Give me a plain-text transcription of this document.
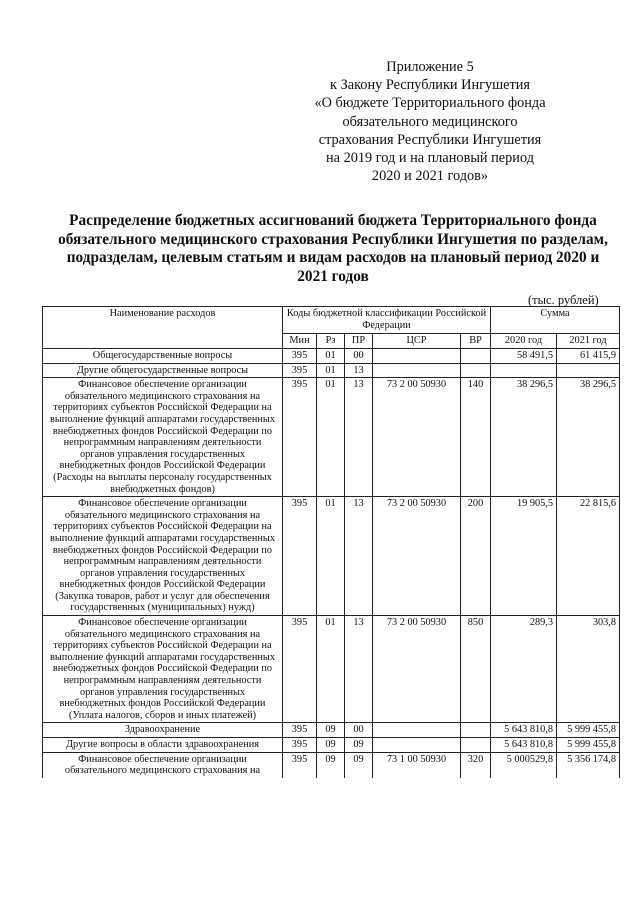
Приложение 5
к Закону Республики Ингушетия
«О бюджете Территориального фонда
обязательного медицинского
страхования Республики Ингушетия
на 2019 год и на плановый период
2020 и 2021 годов»
Распределение бюджетных ассигнований бюджета Территориального фонда обязательного медицинского страхования Республики Ингушетия по разделам, подразделам, целевым статьям и видам расходов на плановый период 2020 и 2021 годов
(тыс. рублей)
Наименование расходов	Коды бюджетной классификации Российской Федерации					Сумма	
	Мин	Рз	ПР	ЦСР	ВР	2020 год	2021 год
Общегосударственные вопросы	395	01	00			58 491,5	61 415,9
Другие общегосударственные вопросы	395	01	13				
Финансовое обеспечение организации обязательного медицинского страхования на территориях субъектов Российской Федерации на выполнение функций аппаратами государственных внебюджетных фондов Российской Федерации по непрограммным направлениям деятельности органов управления государственных внебюджетных фондов Российской Федерации (Расходы на выплаты персоналу государственных внебюджетных фондов)	395	01	13	73 2 00 50930	140	38 296,5	38 296,5
Финансовое обеспечение организации обязательного медицинского страхования на территориях субъектов Российской Федерации на выполнение функций аппаратами государственных внебюджетных фондов Российской Федерации по непрограммным направлениям деятельности органов управления государственных внебюджетных фондов Российской Федерации (Закупка товаров, работ и услуг для обеспечения государственных (муниципальных) нужд)	395	01	13	73 2 00 50930	200	19 905,5	22 815,6
Финансовое обеспечение организации обязательного медицинского страхования на территориях субъектов Российской Федерации на выполнение функций аппаратами государственных внебюджетных фондов Российской Федерации по непрограммным направлениям деятельности органов управления государственных внебюджетных фондов Российской Федерации (Уплата налогов, сборов и иных платежей)	395	01	13	73 2 00 50930	850	289,3	303,8
Здравоохранение	395	09	00			5 643 810,8	5 999 455,8
Другие вопросы в области здравоохранения	395	09	09			5 643 810,8	5 999 455,8
Финансовое обеспечение организации обязательного медицинского страхования на	395	09	09	73 1 00 50930	320	5 000529,8	5 356 174,8
